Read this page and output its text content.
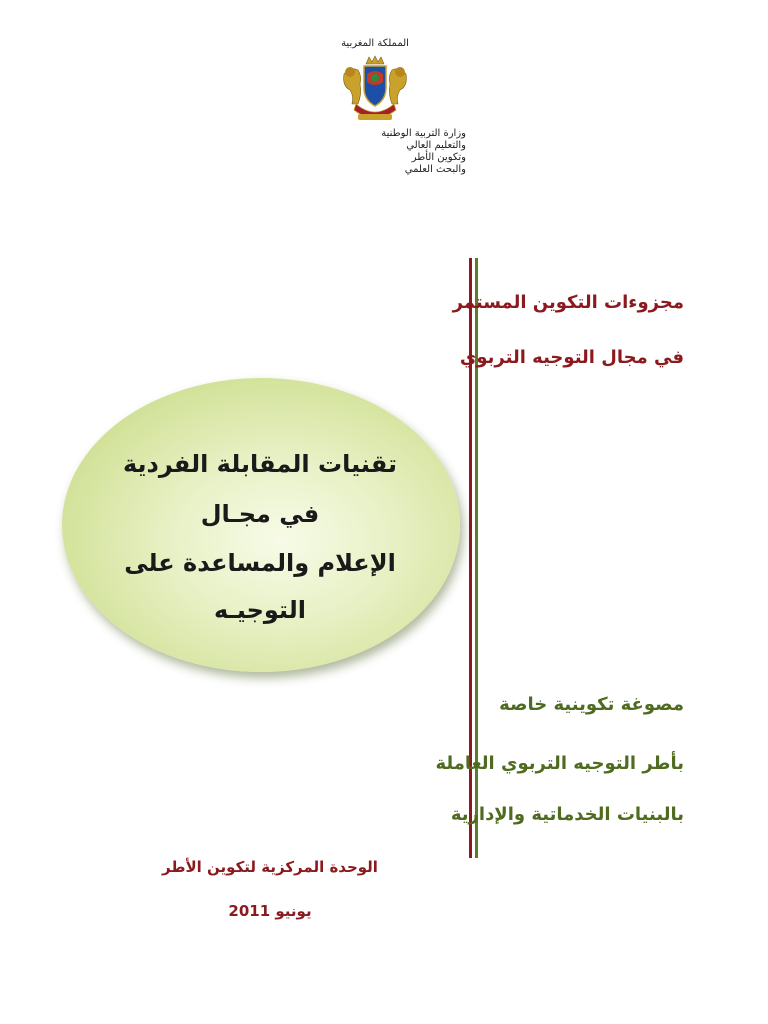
المملكة المغربية
وزارة التربية الوطنية
والتعليم العالي
وتكوين الأطر
والبحث العلمي
مجزوءات التكوين المستمر
في مجال التوجيه التربوي
تقنيات المقابلة الفردية
في مجـال
الإعلام والمساعدة على
التوجيـه
مصوغة تكوينية خاصة
بأطر التوجيه التربوي العاملة
بالبنيات الخدماتية والإدارية
الوحدة المركزية لتكوين الأطر
يونيو 2011
